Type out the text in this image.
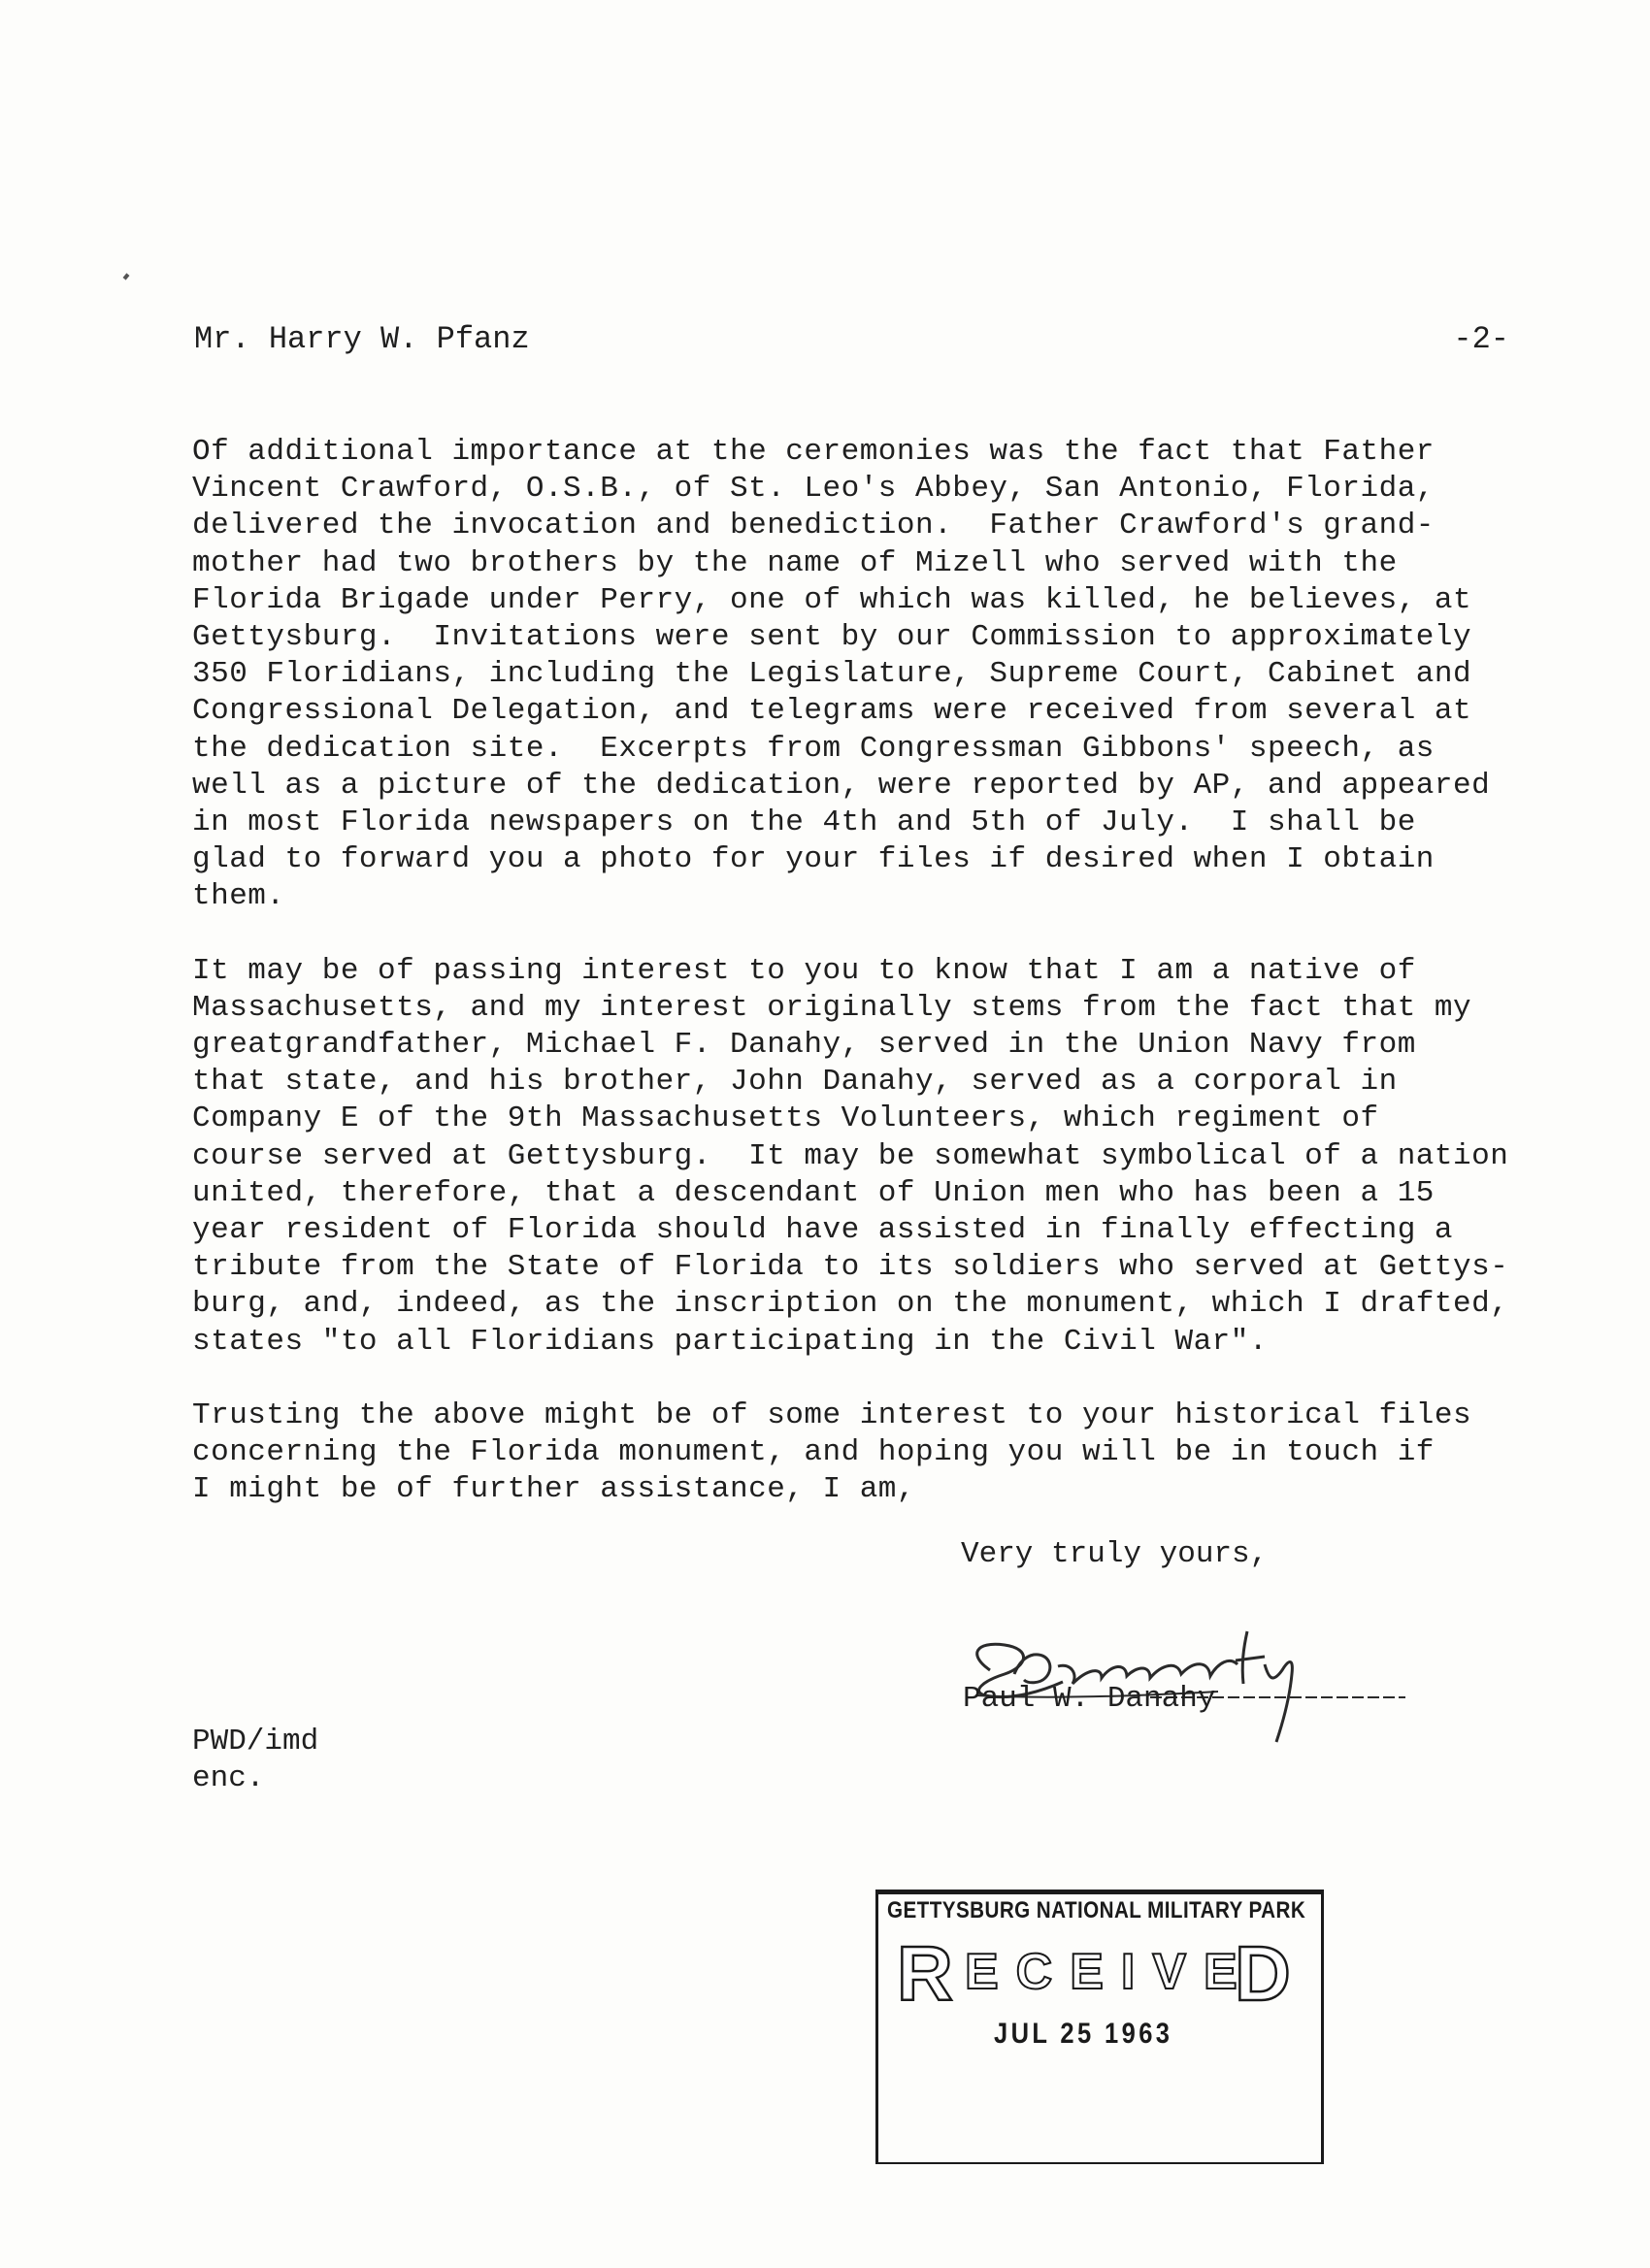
Mr. Harry W. Pfanz	-2-

Of additional importance at the ceremonies was the fact that Father
Vincent Crawford, O.S.B., of St. Leo's Abbey, San Antonio, Florida,
delivered the invocation and benediction.  Father Crawford's grand-
mother had two brothers by the name of Mizell who served with the
Florida Brigade under Perry, one of which was killed, he believes, at
Gettysburg.  Invitations were sent by our Commission to approximately
350 Floridians, including the Legislature, Supreme Court, Cabinet and
Congressional Delegation, and telegrams were received from several at
the dedication site.  Excerpts from Congressman Gibbons' speech, as
well as a picture of the dedication, were reported by AP, and appeared
in most Florida newspapers on the 4th and 5th of July.  I shall be
glad to forward you a photo for your files if desired when I obtain
them.

It may be of passing interest to you to know that I am a native of
Massachusetts, and my interest originally stems from the fact that my
greatgrandfather, Michael F. Danahy, served in the Union Navy from
that state, and his brother, John Danahy, served as a corporal in
Company E of the 9th Massachusetts Volunteers, which regiment of
course served at Gettysburg.  It may be somewhat symbolical of a nation
united, therefore, that a descendant of Union men who has been a 15
year resident of Florida should have assisted in finally effecting a
tribute from the State of Florida to its soldiers who served at Gettys-
burg, and, indeed, as the inscription on the monument, which I drafted,
states "to all Floridians participating in the Civil War".

Trusting the above might be of some interest to your historical files
concerning the Florida monument, and hoping you will be in touch if
I might be of further assistance, I am,

Very truly yours,
Paul W. Danahy
PWD/imd
enc.
GETTYSBURG NATIONAL MILITARY PARK
R ECEIVE
D
JUL 25 1963
